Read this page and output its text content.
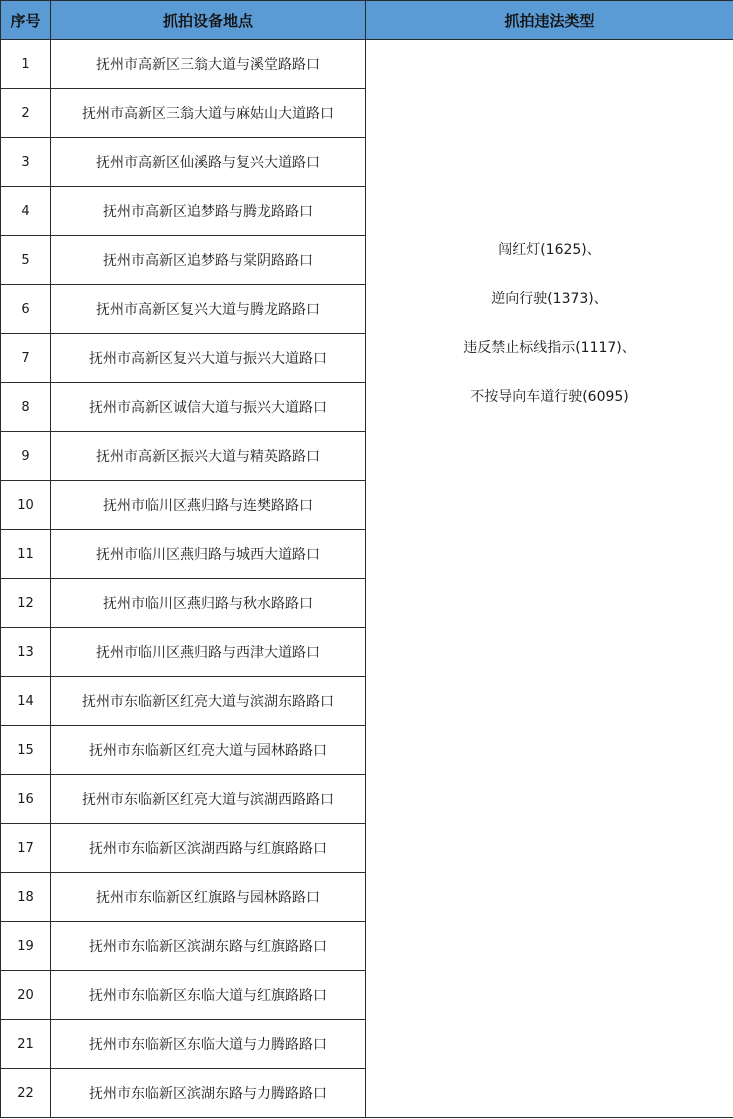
序号	抓拍设备地点	抓拍违法类型
1	抚州市高新区三翁大道与溪堂路路口	闯红灯(1625)、
逆向行驶(1373)、
违反禁止标线指示(1117)、
不按导向车道行驶(6095)

2	抚州市高新区三翁大道与麻姑山大道路口	
3	抚州市高新区仙溪路与复兴大道路口	
4	抚州市高新区追梦路与腾龙路路口	
5	抚州市高新区追梦路与棠阴路路口	
6	抚州市高新区复兴大道与腾龙路路口	
7	抚州市高新区复兴大道与振兴大道路口	
8	抚州市高新区诚信大道与振兴大道路口	
9	抚州市高新区振兴大道与精英路路口	
10	抚州市临川区燕归路与连樊路路口	
11	抚州市临川区燕归路与城西大道路口	
12	抚州市临川区燕归路与秋水路路口	
13	抚州市临川区燕归路与西津大道路口	
14	抚州市东临新区红亮大道与滨湖东路路口	
15	抚州市东临新区红亮大道与园林路路口	
16	抚州市东临新区红亮大道与滨湖西路路口	
17	抚州市东临新区滨湖西路与红旗路路口	
18	抚州市东临新区红旗路与园林路路口	
19	抚州市东临新区滨湖东路与红旗路路口	
20	抚州市东临新区东临大道与红旗路路口	
21	抚州市东临新区东临大道与力腾路路口	
22	抚州市东临新区滨湖东路与力腾路路口	
